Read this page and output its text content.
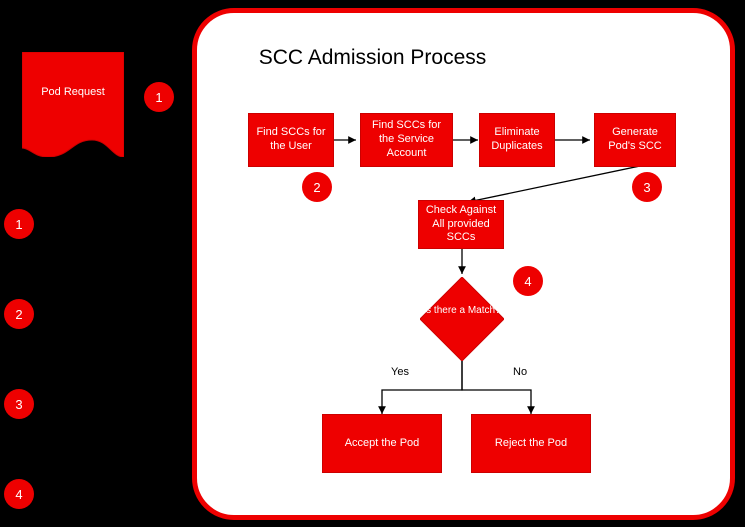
1
2
3
4
Pod Request	1
SCC Admission Process
Find SCCs for the User
Find SCCs for the Service Account
Eliminate Duplicates
Generate Pod's SCC
Check Against All provided SCCs
Accept the Pod	Reject the Pod
Is there a Match?
Yes	No
2	3
4
